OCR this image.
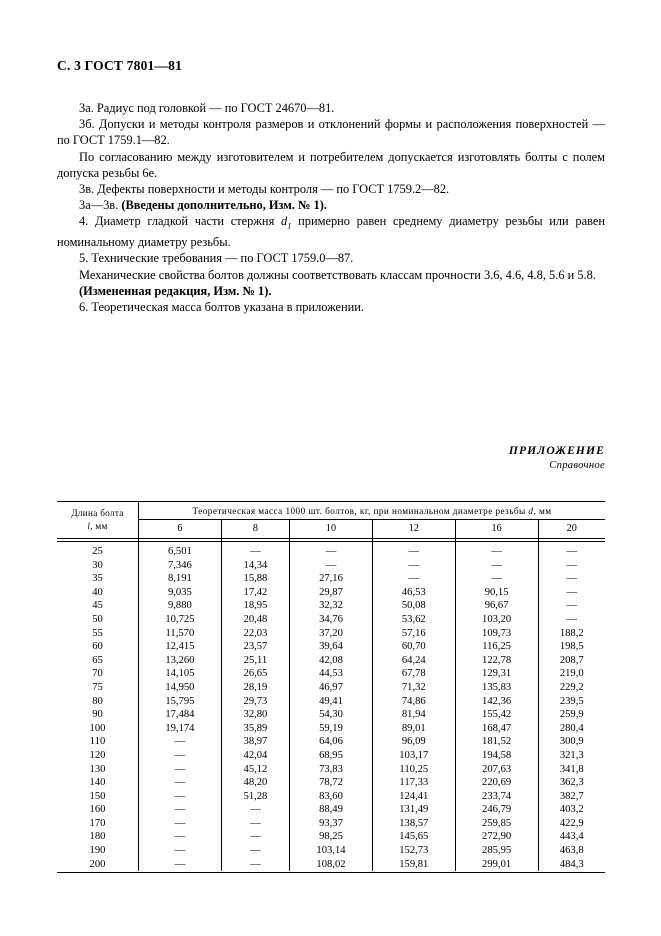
С. 3 ГОСТ 7801—81

3а. Радиус под головкой — по ГОСТ 24670—81.

3б. Допуски и методы контроля размеров и отклонений формы и расположения поверхностей — по ГОСТ 1759.1—82.

По согласованию между изготовителем и потребителем допускается изготовлять болты с полем допуска резьбы 6е.

3в. Дефекты поверхности и методы контроля — по ГОСТ 1759.2—82.

3а—3в. (Введены дополнительно, Изм. № 1).

4. Диаметр гладкой части стержня $d_1$ примерно равен среднему диаметру резьбы или равен номинальному диаметру резьбы.

5. Технические требования — по ГОСТ 1759.0—87.

Механические свойства болтов должны соответствовать классам прочности 3.6, 4.6, 4.8, 5.6 и 5.8.

(Измененная редакция, Изм. № 1).

6. Теоретическая масса болтов указана в приложении.

ПРИЛОЖЕНИЕ
Справочное
Длина болта
l, мм	Теоретическая масса 1000 шт. болтов, кг, при номинальном диаметре резьбы d, мм					
	6	8	10	12	16	20
25	6,501	—	—	—	—	—
30	7,346	14,34	—	—	—	—
35	8,191	15,88	27,16	—	—	—
40	9,035	17,42	29,87	46,53	90,15	—
45	9,880	18,95	32,32	50,08	96,67	—
50	10,725	20,48	34,76	53,62	103,20	—
55	11,570	22,03	37,20	57,16	109,73	188,2
60	12,415	23,57	39,64	60,70	116,25	198,5
65	13,260	25,11	42,08	64,24	122,78	208,7
70	14,105	26,65	44,53	67,78	129,31	219,0
75	14,950	28,19	46,97	71,32	135,83	229,2
80	15,795	29,73	49,41	74,86	142,36	239,5
90	17,484	32,80	54,30	81,94	155,42	259,9
100	19,174	35,89	59,19	89,01	168,47	280,4
110	—	38,97	64,06	96,09	181,52	300,9
120	—	42,04	68,95	103,17	194,58	321,3
130	—	45,12	73,83	110,25	207,63	341,8
140	—	48,20	78,72	117,33	220,69	362,3
150	—	51,28	83,60	124,41	233,74	382,7
160	—	—	88,49	131,49	246,79	403,2
170	—	—	93,37	138,57	259,85	422,9
180	—	—	98,25	145,65	272,90	443,4
190	—	—	103,14	152,73	285,95	463,8
200	—	—	108,02	159,81	299,01	484,3
